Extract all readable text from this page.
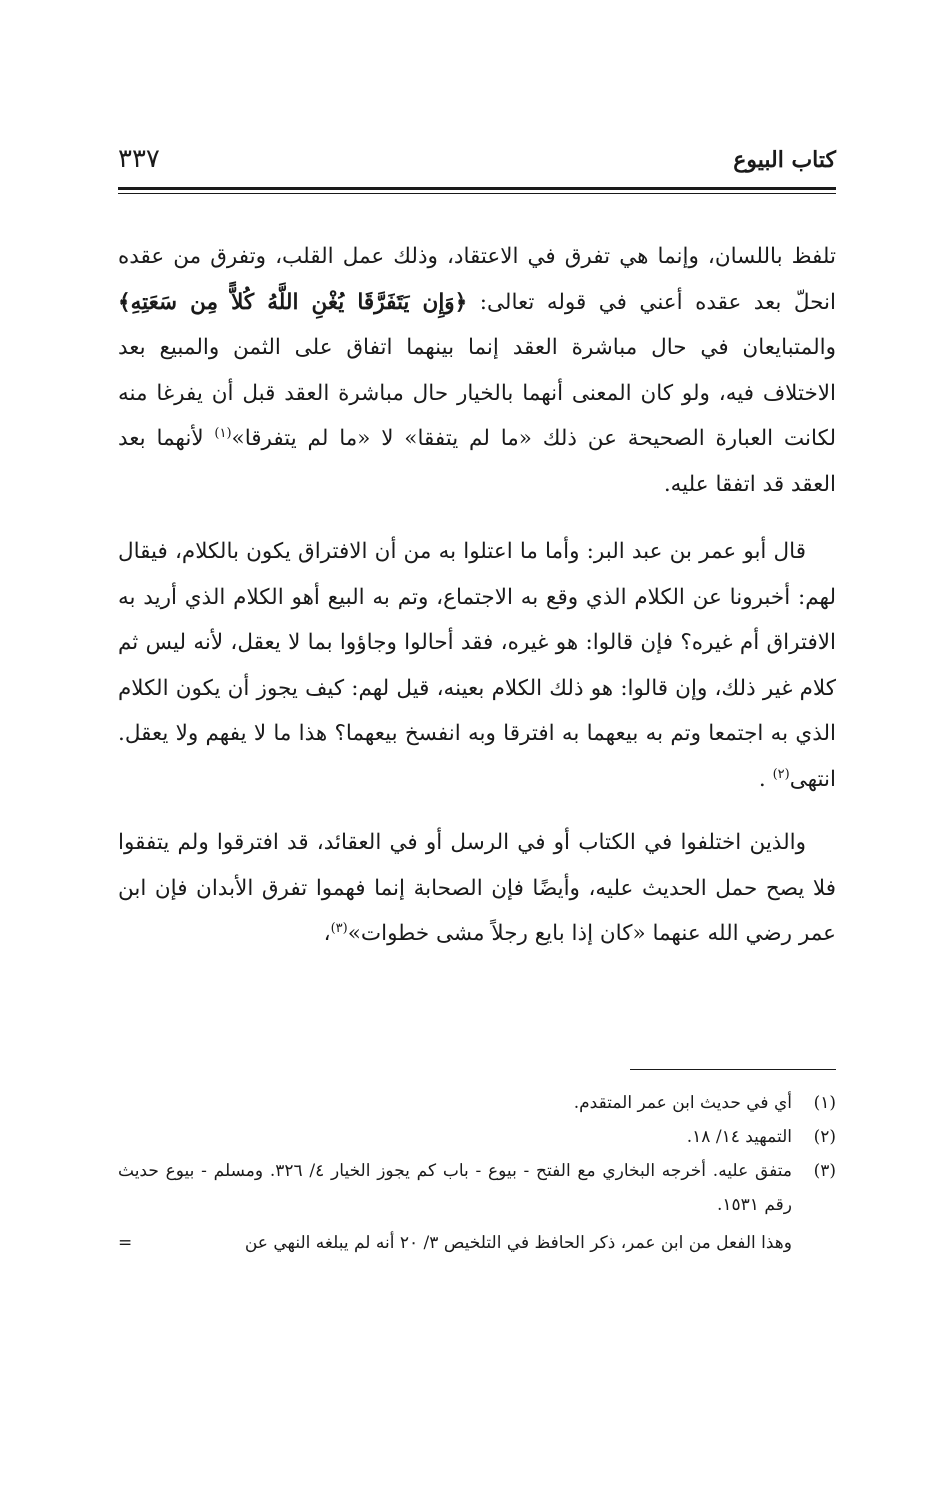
٣٣٧	كتاب البيوع

تلفظ باللسان، وإنما هي تفرق في الاعتقاد، وذلك عمل القلب، وتفرق من عقده انحلّ بعد عقده أعني في قوله تعالى: ﴿وَإِن يَتَفَرَّقَا يُغْنِ اللَّهُ كُلاًّ مِن سَعَتِهِ﴾ والمتبايعان في حال مباشرة العقد إنما بينهما اتفاق على الثمن والمبيع بعد الاختلاف فيه، ولو كان المعنى أنهما بالخيار حال مباشرة العقد قبل أن يفرغا منه لكانت العبارة الصحيحة عن ذلك «ما لم يتفقا» لا «ما لم يتفرقا»$^{(١)}$ لأنهما بعد العقد قد اتفقا عليه.

قال أبو عمر بن عبد البر: وأما ما اعتلوا به من أن الافتراق يكون بالكلام، فيقال لهم: أخبرونا عن الكلام الذي وقع به الاجتماع، وتم به البيع أهو الكلام الذي أريد به الافتراق أم غيره؟ فإن قالوا: هو غيره، فقد أحالوا وجاؤوا بما لا يعقل، لأنه ليس ثم كلام غير ذلك، وإن قالوا: هو ذلك الكلام بعينه، قيل لهم: كيف يجوز أن يكون الكلام الذي به اجتمعا وتم به بيعهما به افترقا وبه انفسخ بيعهما؟ هذا ما لا يفهم ولا يعقل. انتهى$^{(٢)}$ .

والذين اختلفوا في الكتاب أو في الرسل أو في العقائد، قد افترقوا ولم يتفقوا فلا يصح حمل الحديث عليه، وأيضًا فإن الصحابة إنما فهموا تفرق الأبدان فإن ابن عمر رضي الله عنهما «كان إذا بايع رجلاً مشى خطوات»$^{(٣)}$،

(١)
أي في حديث ابن عمر المتقدم.

(٢)
التمهيد ١٤/ ١٨.

(٣)
متفق عليه. أخرجه البخاري مع الفتح - بيوع - باب كم يجوز الخيار ٤/ ٣٢٦. ومسلم - بيوع حديث رقم ١٥٣١.

وهذا الفعل من ابن عمر، ذكر الحافظ في التلخيص ٣/ ٢٠ أنه لم يبلغه النهي عن
=
